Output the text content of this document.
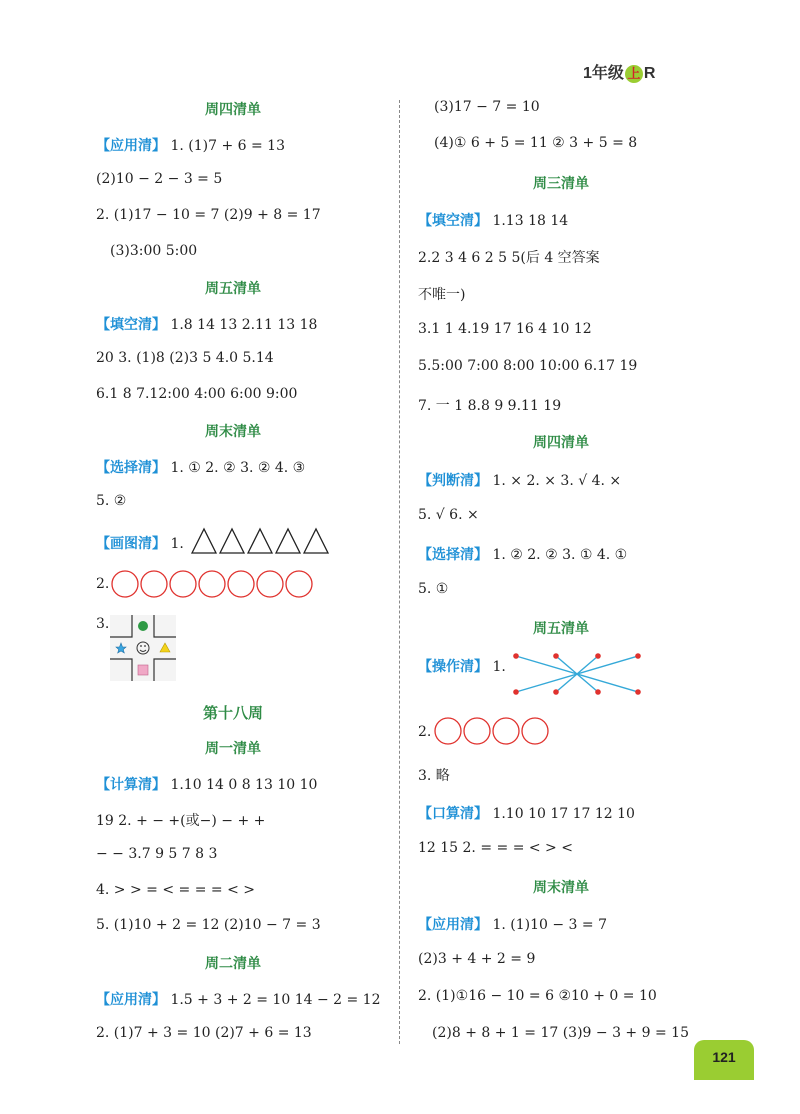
1年级 上 R
周四清单
【应用清】 1. (1)7 + 6 = 13
(2)10 − 2 − 3 = 5
2. (1)17 − 10 = 7 (2)9 + 8 = 17
(3)3:00 5:00
周五清单
【填空清】 1.8 14 13 2.11 13 18
20 3. (1)8 (2)3 5 4.0 5.14
6.1 8 7.12:00 4:00 6:00 9:00
周末清单
【选择清】 1. ① 2. ② 3. ② 4. ③
5. ②
【画图清】 1.
2.
3.
第十八周
周一清单
【计算清】 1.10 14 0 8 13 10 10
19 2. + − +(或−) − + +
− − 3.7 9 5 7 8 3
4. > > = < = = = < >
5. (1)10 + 2 = 12 (2)10 − 7 = 3
周二清单
【应用清】 1.5 + 3 + 2 = 10 14 − 2 = 12
2. (1)7 + 3 = 10 (2)7 + 6 = 13
(3)17 − 7 = 10
(4)① 6 + 5 = 11 ② 3 + 5 = 8
周三清单
【填空清】 1.13 18 14
2.2 3 4 6 2 5 5(后 4 空答案
不唯一)
3.1 1 4.19 17 16 4 10 12
5.5:00 7:00 8:00 10:00 6.17 19
7. 一 1 8.8 9 9.11 19
周四清单
【判断清】 1. × 2. × 3. √ 4. ×
5. √ 6. ×
【选择清】 1. ② 2. ② 3. ① 4. ①
5. ①
周五清单
【操作清】 1.
2.
3. 略
【口算清】 1.10 10 17 17 12 10
12 15 2. = = = < > <
周末清单
【应用清】 1. (1)10 − 3 = 7
(2)3 + 4 + 2 = 9
2. (1)①16 − 10 = 6 ②10 + 0 = 10
(2)8 + 8 + 1 = 17 (3)9 − 3 + 9 = 15
121
